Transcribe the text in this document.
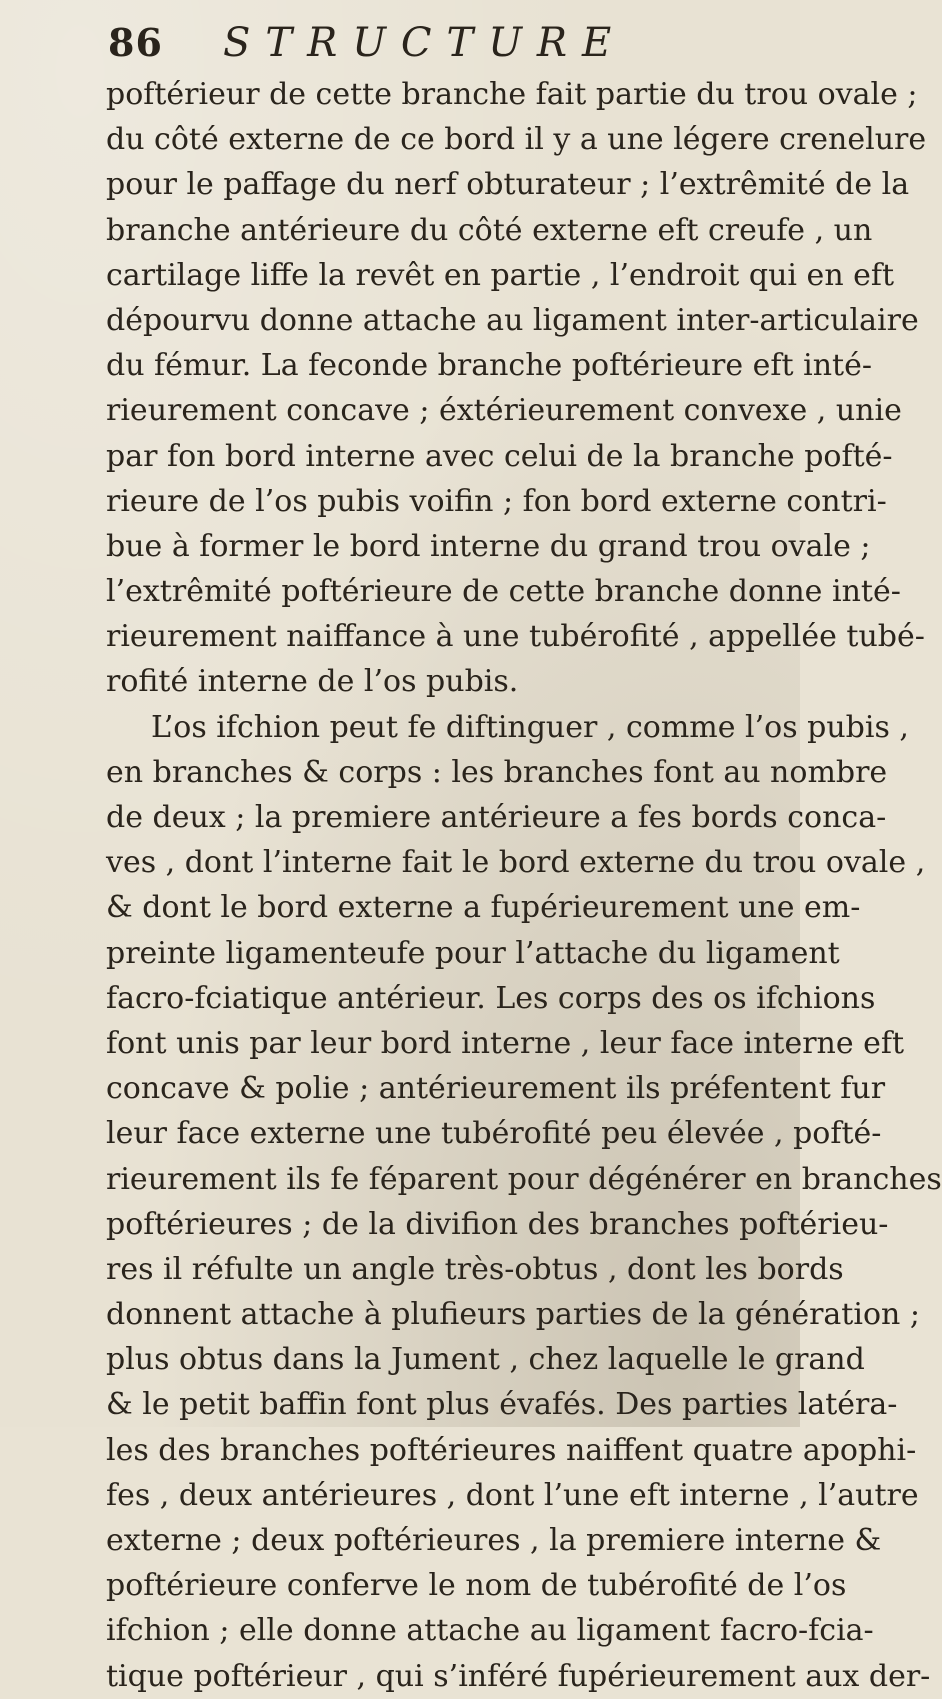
86 STRUCTURE
poftérieur de cette branche fait partie du trou ovale ;
du côté externe de ce bord il y a une légere crenelure
pour le paffage du nerf obturateur ; l’extrêmité de la
branche antérieure du côté externe eft creufe , un
cartilage liffe la revêt en partie , l’endroit qui en eft
dépourvu donne attache au ligament inter-articulaire
du fémur. La feconde branche poftérieure eft inté-
rieurement concave ; éxtérieurement convexe , unie
par fon bord interne avec celui de la branche pofté-
rieure de l’os pubis voifin ; fon bord externe contri-
bue à former le bord interne du grand trou ovale ;
l’extrêmité poftérieure de cette branche donne inté-
rieurement naiffance à une tubérofité , appellée tubé-
rofité interne de l’os pubis.
L’os ifchion peut fe diftinguer , comme l’os pubis ,
en branches & corps : les branches font au nombre
de deux ; la premiere antérieure a fes bords conca-
ves , dont l’interne fait le bord externe du trou ovale ,
& dont le bord externe a fupérieurement une em-
preinte ligamenteufe pour l’attache du ligament
facro-fciatique antérieur. Les corps des os ifchions
font unis par leur bord interne , leur face interne eft
concave & polie ; antérieurement ils préfentent fur
leur face externe une tubérofité peu élevée , pofté-
rieurement ils fe féparent pour dégénérer en branches
poftérieures ; de la divifion des branches poftérieu-
res il réfulte un angle très-obtus , dont les bords
donnent attache à plufieurs parties de la génération ;
plus obtus dans la Jument , chez laquelle le grand
& le petit baffin font plus évafés. Des parties latéra-
les des branches poftérieures naiffent quatre apophi-
fes , deux antérieures , dont l’une eft interne , l’autre
externe ; deux poftérieures , la premiere interne &
poftérieure conferve le nom de tubérofité de l’os
ifchion ; elle donne attache au ligament facro-fcia-
tique poftérieur , qui s’inféré fupérieurement aux der-
